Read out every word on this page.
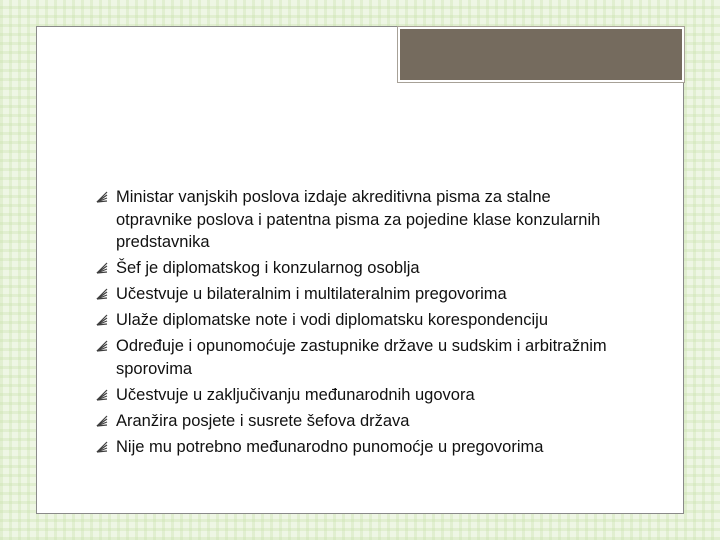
Ministar vanjskih poslova izdaje akreditivna pisma za stalne otpravnike poslova i patentna pisma za pojedine klase konzularnih predstavnika
Šef je diplomatskog i konzularnog osoblja
Učestvuje u bilateralnim i multilateralnim pregovorima
Ulaže diplomatske note i vodi diplomatsku korespondenciju
Određuje i opunomoćuje zastupnike države u sudskim i arbitražnim sporovima
Učestvuje u zaključivanju međunarodnih ugovora
Aranžira posjete i susrete šefova država
Nije mu potrebno međunarodno punomoćje u pregovorima
